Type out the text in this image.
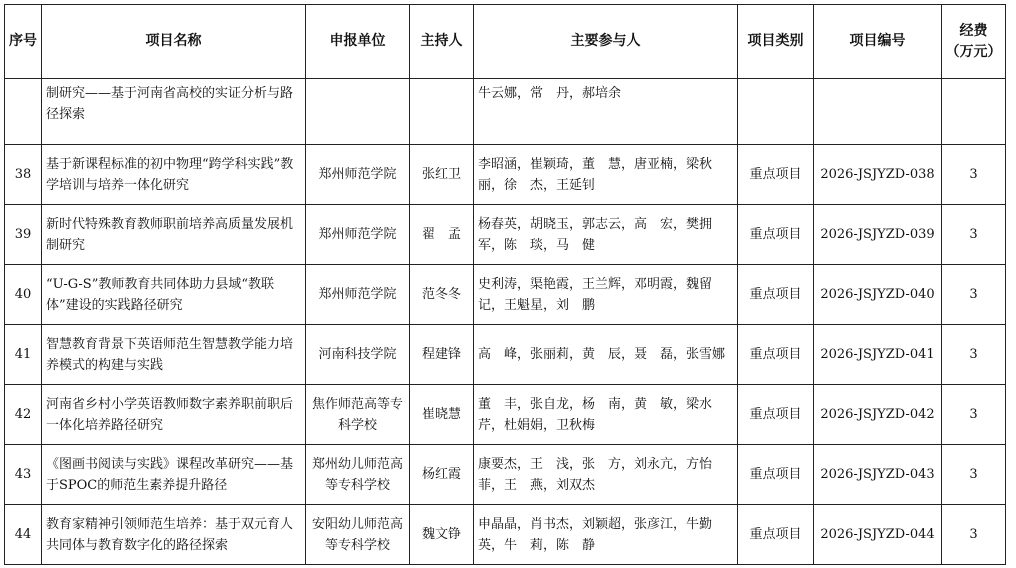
序号	项目名称	申报单位	主持人	主要参与人	项目类别	项目编号	经费
（万元）

	制研究——基于河南省高校的实证分析与路径探索			牛云娜，常　丹，郝培余			
38	基于新课程标准的初中物理“跨学科实践”教学培训与培养一体化研究	郑州师范学院	张红卫	李昭涵，崔颖琦，董　慧，唐亚楠，梁秋丽，徐　杰，王延钊	重点项目	2026-JSJYZD-038	3
39	新时代特殊教育教师职前培养高质量发展机制研究	郑州师范学院	翟　孟	杨春英，胡晓玉，郭志云，高　宏，樊拥军，陈　琰，马　健	重点项目	2026-JSJYZD-039	3
40	“U-G-S”教师教育共同体助力县域“教联体”建设的实践路径研究	郑州师范学院	范冬冬	史利涛，渠艳霞，王兰辉，邓明霞，魏留记，王魁星，刘　鹏	重点项目	2026-JSJYZD-040	3
41	智慧教育背景下英语师范生智慧教学能力培养模式的构建与实践	河南科技学院	程建锋	高　峰，张丽莉，黄　辰，聂　磊，张雪娜	重点项目	2026-JSJYZD-041	3
42	河南省乡村小学英语教师数字素养职前职后一体化培养路径研究	焦作师范高等专科学校	崔晓慧	董　丰，张自龙，杨　南，黄　敏，梁水芹，杜娟娟，卫秋梅	重点项目	2026-JSJYZD-042	3
43	《图画书阅读与实践》课程改革研究——基于SPOC的师范生素养提升路径	郑州幼儿师范高等专科学校	杨红霞	康要杰，王　浅，张　方，刘永亢，方怡菲，王　燕，刘双杰	重点项目	2026-JSJYZD-043	3
44	教育家精神引领师范生培养：基于双元育人共同体与教育数字化的路径探索	安阳幼儿师范高等专科学校	魏文铮	申晶晶，肖书杰，刘颖超，张彦江，牛勤英，牛　莉，陈　静	重点项目	2026-JSJYZD-044	3
